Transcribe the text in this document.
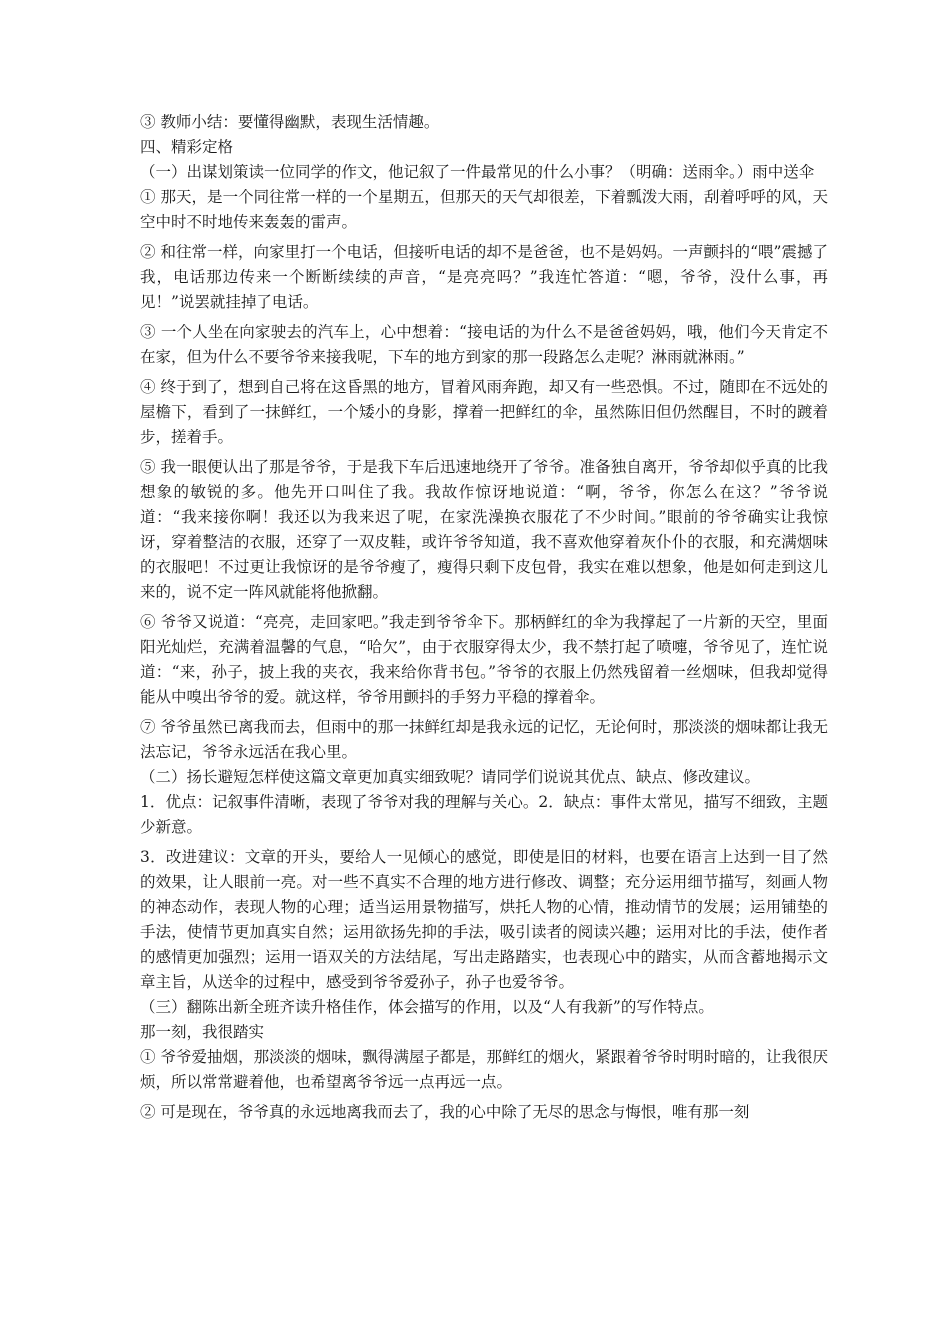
③ 教师小结：要懂得幽默，表现生活情趣。

四、精彩定格

（一）出谋划策读一位同学的作文，他记叙了一件最常见的什么小事？（明确：送雨伞。）雨中送伞

① 那天，是一个同往常一样的一个星期五，但那天的天气却很差，下着瓢泼大雨，刮着呼呼的风，天空中时不时地传来轰轰的雷声。

② 和往常一样，向家里打一个电话，但接听电话的却不是爸爸，也不是妈妈。一声颤抖的“喂”震撼了我，电话那边传来一个断断续续的声音，“是亮亮吗？”我连忙答道：“嗯，爷爷，没什么事，再见！”说罢就挂掉了电话。

③ 一个人坐在向家驶去的汽车上，心中想着：“接电话的为什么不是爸爸妈妈，哦，他们今天肯定不在家，但为什么不要爷爷来接我呢，下车的地方到家的那一段路怎么走呢？淋雨就淋雨。”

④ 终于到了，想到自己将在这昏黑的地方，冒着风雨奔跑，却又有一些恐惧。不过，随即在不远处的屋檐下，看到了一抹鲜红，一个矮小的身影，撑着一把鲜红的伞，虽然陈旧但仍然醒目，不时的踱着步，搓着手。

⑤ 我一眼便认出了那是爷爷，于是我下车后迅速地绕开了爷爷。准备独自离开，爷爷却似乎真的比我想象的敏锐的多。他先开口叫住了我。我故作惊讶地说道：“啊，爷爷，你怎么在这？”爷爷说道：“我来接你啊！我还以为我来迟了呢，在家洗澡换衣服花了不少时间。”眼前的爷爷确实让我惊讶，穿着整洁的衣服，还穿了一双皮鞋，或许爷爷知道，我不喜欢他穿着灰仆仆的衣服，和充满烟味的衣服吧！不过更让我惊讶的是爷爷瘦了，瘦得只剩下皮包骨，我实在难以想象，他是如何走到这儿来的，说不定一阵风就能将他掀翻。

⑥ 爷爷又说道：“亮亮，走回家吧。”我走到爷爷伞下。那柄鲜红的伞为我撑起了一片新的天空，里面阳光灿烂，充满着温馨的气息，“哈欠”，由于衣服穿得太少，我不禁打起了喷嚏，爷爷见了，连忙说道：“来，孙子，披上我的夹衣，我来给你背书包。”爷爷的衣服上仍然残留着一丝烟味，但我却觉得能从中嗅出爷爷的爱。就这样，爷爷用颤抖的手努力平稳的撑着伞。

⑦ 爷爷虽然已离我而去，但雨中的那一抹鲜红却是我永远的记忆，无论何时，那淡淡的烟味都让我无法忘记，爷爷永远活在我心里。

（二）扬长避短怎样使这篇文章更加真实细致呢？请同学们说说其优点、缺点、修改建议。

1．优点：记叙事件清晰，表现了爷爷对我的理解与关心。2．缺点：事件太常见，描写不细致，主题少新意。

3．改进建议：文章的开头，要给人一见倾心的感觉，即使是旧的材料，也要在语言上达到一目了然的效果，让人眼前一亮。对一些不真实不合理的地方进行修改、调整；充分运用细节描写，刻画人物的神态动作，表现人物的心理；适当运用景物描写，烘托人物的心情，推动情节的发展；运用铺垫的手法，使情节更加真实自然；运用欲扬先抑的手法，吸引读者的阅读兴趣；运用对比的手法，使作者的感情更加强烈；运用一语双关的方法结尾，写出走路踏实，也表现心中的踏实，从而含蓄地揭示文章主旨，从送伞的过程中，感受到爷爷爱孙子，孙子也爱爷爷。

（三）翻陈出新全班齐读升格佳作，体会描写的作用，以及“人有我新”的写作特点。

那一刻，我很踏实

① 爷爷爱抽烟，那淡淡的烟味，飘得满屋子都是，那鲜红的烟火，紧跟着爷爷时明时暗的，让我很厌烦，所以常常避着他，也希望离爷爷远一点再远一点。

② 可是现在，爷爷真的永远地离我而去了，我的心中除了无尽的思念与悔恨，唯有那一刻
